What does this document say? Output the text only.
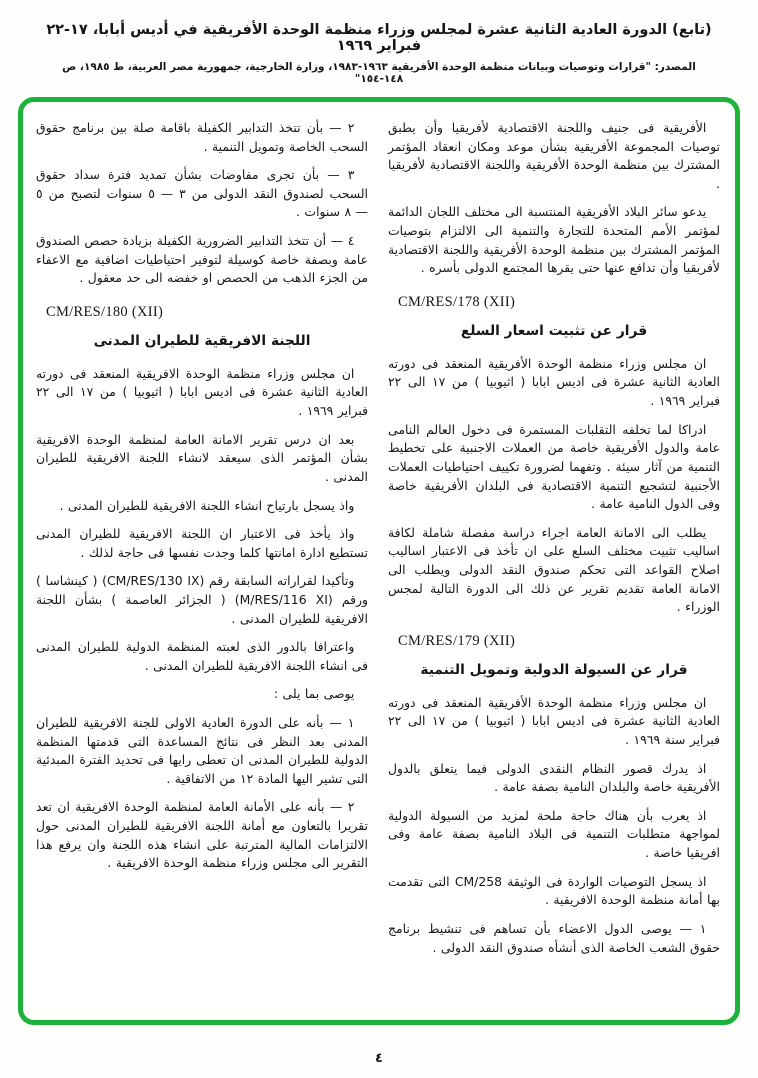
(تابع) الدورة العادية الثانية عشرة لمجلس وزراء منظمة الوحدة الأفريقية في أديس أبابا، ١٧-٢٢ فبراير ١٩٦٩
المصدر: "قرارات وتوصيات وبيانات منظمة الوحدة الأفريقية ١٩٦٣-١٩٨٣، وزارة الخارجية، جمهورية مصر العربية، ط ١٩٨٥، ص ١٤٨-١٥٤"

الأفريقية فى جنيف واللجنة الاقتصادية لأفريقيا وأن يطبق توصيات المجموعة الأفريقية بشأن موعد ومكان انعقاد المؤتمر المشترك بين منظمة الوحدة الأفريقية واللجنة الاقتصادية لأفريقيا .

يدعو سائر البلاد الأفريقية المنتسبة الى مختلف اللجان الدائمة لمؤتمر الأمم المتحدة للتجارة والتنمية الى الالتزام بتوصيات المؤتمر المشترك بين منظمة الوحدة الأفريقية واللجنة الاقتصادية لأفريقيا وأن تدافع عنها حتى يقرها المجتمع الدولى بأسره .

CM/RES/178 (XII)
قرار عن تثبيت اسعار السلع

ان مجلس وزراء منظمة الوحدة الأفريقية المنعقد فى دورته العادية الثانية عشرة فى اديس ابابا ( اثيوبيا ) من ١٧ الى ٢٢ فبراير ١٩٦٩ .

ادراكا لما تخلفه التقلبات المستمرة فى دخول العالم النامى عامة والدول الأفريقية خاصة من العملات الاجنبية على تخطيط التنمية من آثار سيئة . وتفهما لضرورة تكييف احتياطيات العملات الأجنبية لتشجيع التنمية الاقتصادية فى البلدان الأفريقية خاصة وفى الدول النامية عامة .

يطلب الى الامانة العامة اجراء دراسة مفصلة شاملة لكافة اساليب تثبيت مختلف السلع على ان تأخذ فى الاعتبار اساليب اصلاح القواعد التى تحكم صندوق النقد الدولى ويطلب الى الامانة العامة تقديم تقرير عن ذلك الى الدورة التالية لمجس الوزراء .

CM/RES/179 (XII)
قرار عن السيولة الدولية وتمويل التنمية

ان مجلس وزراء منظمة الوحدة الأفريقية المنعقد فى دورته العادية الثانية عشرة فى اديس ابابا ( اثيوبيا ) من ١٧ الى ٢٢ فبراير سنة ١٩٦٩ .

اذ يدرك قصور النظام النقدى الدولى فيما يتعلق بالدول الأفريقية خاصة والبلدان النامية بصفة عامة .

اذ يعرب بأن هناك حاجة ملحة لمزيد من السيولة الدولية لمواجهة متطلبات التنمية فى البلاد النامية بصفة عامة وفى افريقيا خاصة .

اذ يسجل التوصيات الواردة فى الوثيقة CM/258 التى تقدمت بها أمانة منظمة الوحدة الافريقية .

١ — يوصى الدول الاعضاء بأن تساهم فى تنشيط برنامج حقوق الشعب الخاصة الذى أنشأه صندوق النقد الدولى .

٢ — بأن تتخذ التدابير الكفيلة باقامة صلة بين برنامج حقوق السحب الخاصة وتمويل التنمية .

٣ — بأن تجرى مفاوضات بشأن تمديد فترة سداد حقوق السحب لصندوق النقد الدولى من ٣ — ٥ سنوات لتصبح من ٥ — ٨ سنوات .

٤ — أن تتخذ التدابير الضرورية الكفيلة بزيادة حصص الصندوق عامة وبصفة خاصة كوسيلة لتوفير احتياطيات اضافية مع الاعفاء من الجزء الذهب من الحصص او خفضه الى حد معقول .

CM/RES/180 (XII)
اللجنة الافريقية للطيران المدنى

ان مجلس وزراء منظمة الوحدة الافريقية المنعقد فى دورته العادية الثانية عشرة فى اديس ابابا ( اثيوبيا ) من ١٧ الى ٢٢ فبراير ١٩٦٩ .

بعد ان درس تقرير الامانة العامة لمنظمة الوحدة الافريقية بشأن المؤتمر الذى سيعقد لانشاء اللجنة الافريقية للطيران المدنى .

واذ يسجل بارتياح انشاء اللجنة الافريقية للطيران المدنى .

واذ يأخذ فى الاعتبار ان اللجنة الافريقية للطيران المدنى تستطيع ادارة امانتها كلما وجدت نفسها فى حاجة لذلك .

وتأكيدا لقراراته السابقة رقم (CM/RES/130 IX) ( كينشاسا ) ورقم (M/RES/116 XI) ( الجزائر العاصمة ) بشأن اللجنة الافريقية للطيران المدنى .

واعترافا بالدور الذى لعبته المنظمة الدولية للطيران المدنى فى انشاء اللجنة الافريقية للطيران المدنى .

يوصى بما يلى :

١ — بأنه على الدورة العادية الاولى للجنة الافريقية للطيران المدنى بعد النظر فى نتائج المساعدة التى قدمتها المنظمة الدولية للطيران المدنى ان تعطى رايها فى تحديد الفترة المبدئية التى تشير اليها المادة ١٢ من الاتفاقية .

٢ — بأنه على الأمانة العامة لمنظمة الوحدة الافريقية ان تعد تقريرا بالتعاون مع أمانة اللجنة الافريقية للطيران المدنى حول الالتزامات المالية المترتبة على انشاء هذه اللجنة وان يرفع هذا التقرير الى مجلس وزراء منظمة الوحدة الافريقية .

٤
